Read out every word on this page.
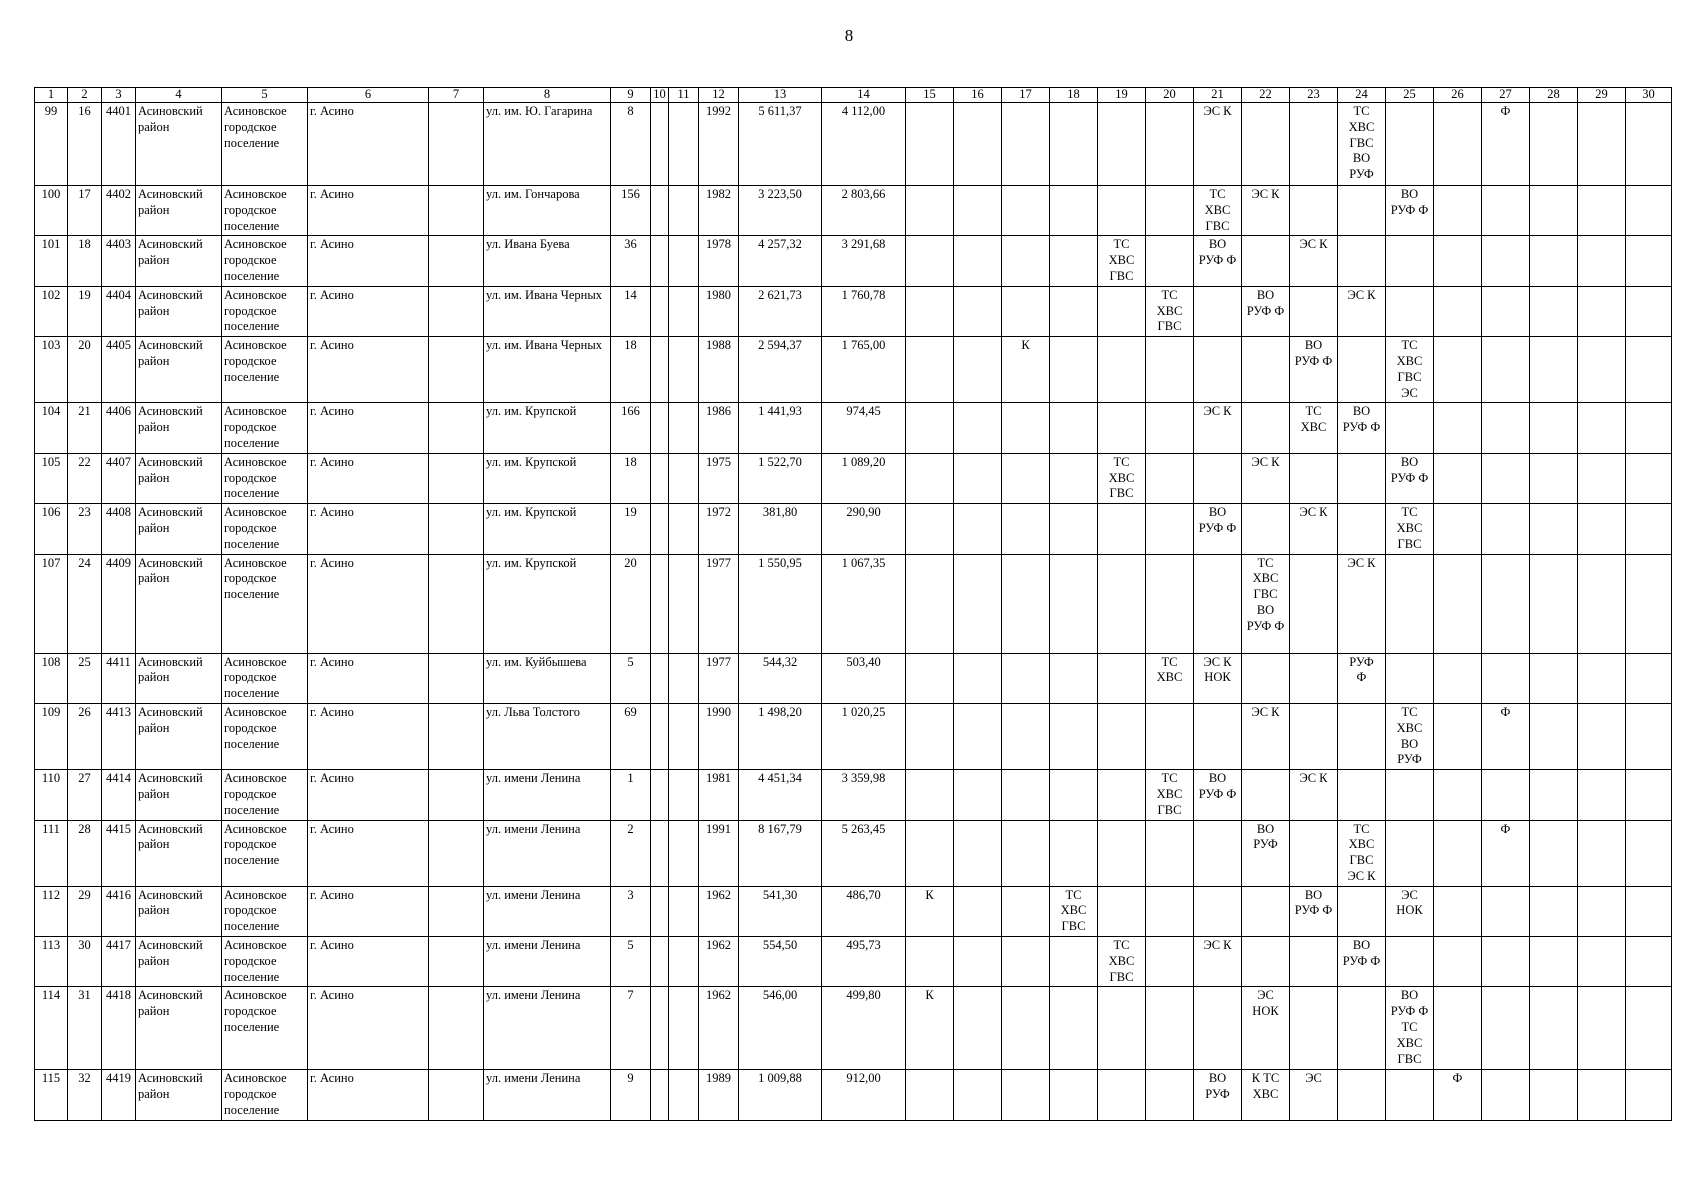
8
1	2	3	4	5	6	7	8	9	10	11	12	13	14	15	16	17	18	19	20	21	22	23	24	25	26	27	28	29	30
99	16	4401	Асиновский
район	Асиновское
городское
поселение	г. Асино		ул. им. Ю. Гагарина	8			1992	5 611,37	4 112,00							ЭС К			ТС
ХВС
ГВС
ВО
РУФ			Ф			
100	17	4402	Асиновский
район	Асиновское
городское
поселение	г. Асино		ул. им. Гончарова	156			1982	3 223,50	2 803,66							ТС
ХВС
ГВС	ЭС К			ВО
РУФ Ф					
101	18	4403	Асиновский
район	Асиновское
городское
поселение	г. Асино		ул. Ивана Буева	36			1978	4 257,32	3 291,68					ТС
ХВС
ГВС		ВО
РУФ Ф		ЭС К							
102	19	4404	Асиновский
район	Асиновское
городское
поселение	г. Асино		ул. им. Ивана Черных	14			1980	2 621,73	1 760,78						ТС
ХВС
ГВС		ВО
РУФ Ф		ЭС К						
103	20	4405	Асиновский
район	Асиновское
городское
поселение	г. Асино		ул. им. Ивана Черных	18			1988	2 594,37	1 765,00			К						ВО
РУФ Ф		ТС
ХВС
ГВС
ЭС					
104	21	4406	Асиновский
район	Асиновское
городское
поселение	г. Асино		ул. им. Крупской	166			1986	1 441,93	974,45							ЭС К		ТС
ХВС	ВО
РУФ Ф						
105	22	4407	Асиновский
район	Асиновское
городское
поселение	г. Асино		ул. им. Крупской	18			1975	1 522,70	1 089,20					ТС
ХВС
ГВС			ЭС К			ВО
РУФ Ф					
106	23	4408	Асиновский
район	Асиновское
городское
поселение	г. Асино		ул. им. Крупской	19			1972	381,80	290,90							ВО
РУФ Ф		ЭС К		ТС
ХВС
ГВС					
107	24	4409	Асиновский
район	Асиновское
городское
поселение	г. Асино		ул. им. Крупской	20			1977	1 550,95	1 067,35								ТС
ХВС
ГВС
ВО
РУФ Ф		ЭС К						
108	25	4411	Асиновский
район	Асиновское
городское
поселение	г. Асино		ул. им. Куйбышева	5			1977	544,32	503,40						ТС
ХВС	ЭС К
НОК			РУФ
Ф						
109	26	4413	Асиновский
район	Асиновское
городское
поселение	г. Асино		ул. Льва Толстого	69			1990	1 498,20	1 020,25								ЭС К			ТС
ХВС
ВО
РУФ		Ф			
110	27	4414	Асиновский
район	Асиновское
городское
поселение	г. Асино		ул. имени Ленина	1			1981	4 451,34	3 359,98						ТС
ХВС
ГВС	ВО
РУФ Ф		ЭС К							
111	28	4415	Асиновский
район	Асиновское
городское
поселение	г. Асино		ул. имени Ленина	2			1991	8 167,79	5 263,45								ВО
РУФ		ТС
ХВС
ГВС
ЭС К			Ф			
112	29	4416	Асиновский
район	Асиновское
городское
поселение	г. Асино		ул. имени Ленина	3			1962	541,30	486,70	К			ТС
ХВС
ГВС					ВО
РУФ Ф		ЭС
НОК					
113	30	4417	Асиновский
район	Асиновское
городское
поселение	г. Асино		ул. имени Ленина	5			1962	554,50	495,73					ТС
ХВС
ГВС		ЭС К			ВО
РУФ Ф						
114	31	4418	Асиновский
район	Асиновское
городское
поселение	г. Асино		ул. имени Ленина	7			1962	546,00	499,80	К							ЭС
НОК			ВО
РУФ Ф
ТС
ХВС
ГВС					
115	32	4419	Асиновский
район	Асиновское
городское
поселение	г. Асино		ул. имени Ленина	9			1989	1 009,88	912,00							ВО
РУФ	К ТС
ХВС	ЭС			Ф				
